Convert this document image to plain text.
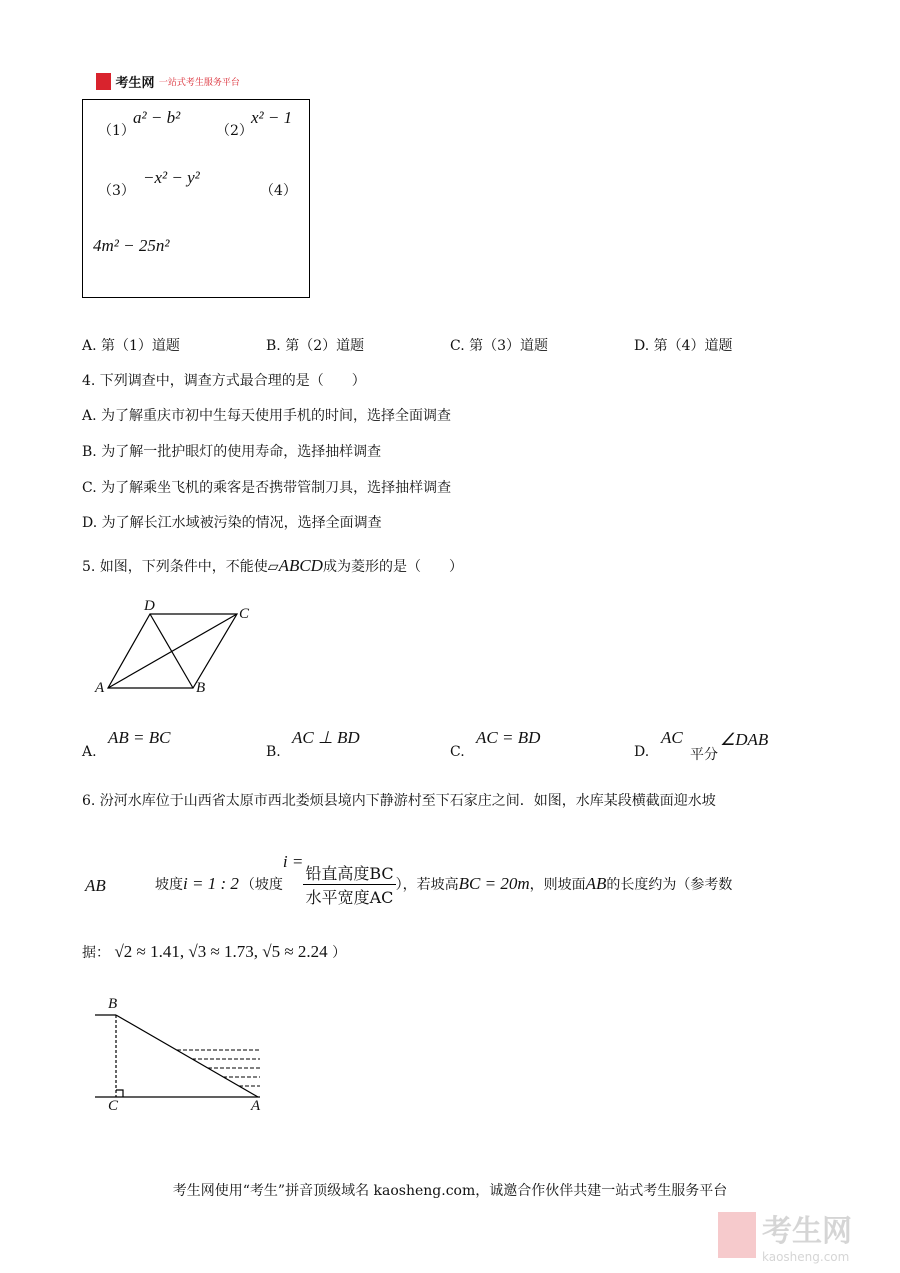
考生网 一站式考生服务平台
（1）
a² − b²
（2）
x² − 1
（3）
−x² − y²
（4）
4m² − 25n²
A. 第（1）道题	B. 第（2）道题	C. 第（3）道题	D. 第（4）道题
4. 下列调查中，调查方式最合理的是（　　）
A. 为了解重庆市初中生每天使用手机的时间，选择全面调查
B. 为了解一批护眼灯的使用寿命，选择抽样调查
C. 为了解乘坐飞机的乘客是否携带管制刀具，选择抽样调查
D. 为了解长江水域被污染的情况，选择全面调查
5. 如图，下列条件中，不能使▱ABCD成为菱形的是（　　）
D	C
A	B
A.
AB = BC
B.
AC ⊥ BD
C.
AC = BD
D.
AC
平分
∠DAB
6. 汾河水库位于山西省太原市西北娄烦县境内下静游村至下石家庄之间．如图，水库某段横截面迎水坡
AB	坡度 i = 1 : 2 （坡度
$i = \frac{\text{铅直高度BC}}{\text{水平宽度AC}}$ ），若坡高 BC = 20m ，则坡面 AB 的长度约为（参考数
据： √2 ≈ 1.41, √3 ≈ 1.73, √5 ≈ 2.24 ）
B
C	A
考生网使用“考生”拼音顶级域名 kaosheng.com，诚邀合作伙伴共建一站式考生服务平台
考生网
kaosheng.com
